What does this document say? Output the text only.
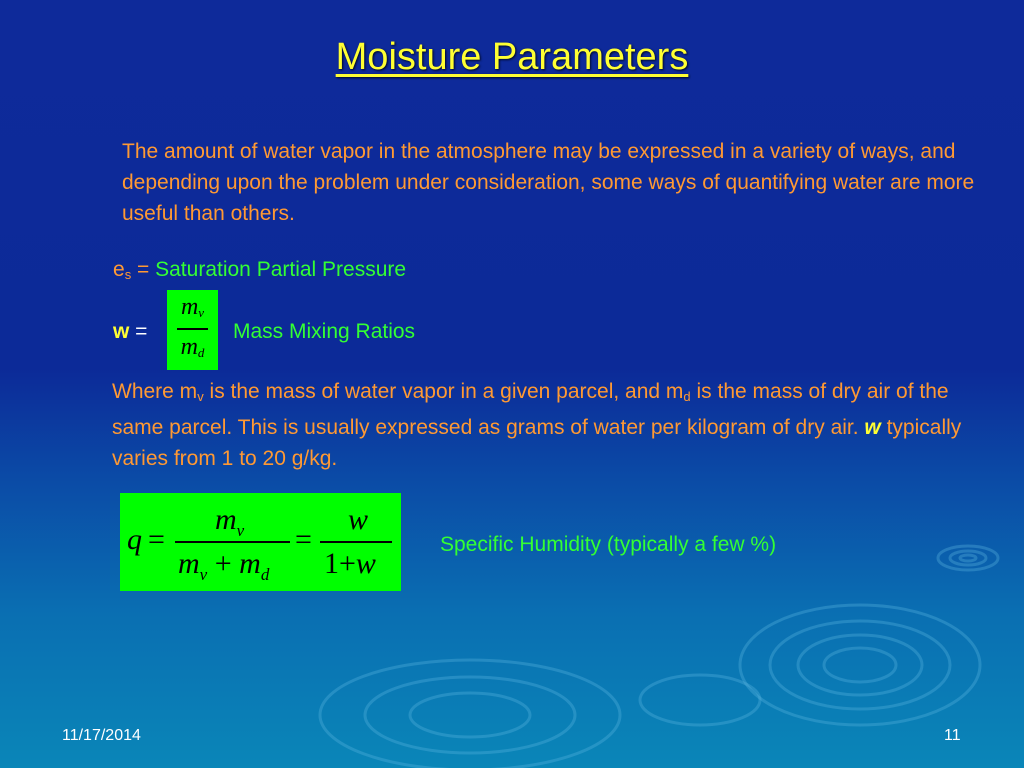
Moisture Parameters
The amount of water vapor in the atmosphere may be expressed in a variety of ways, and depending upon the problem under consideration, some ways of quantifying water are more useful than others.
$e_s$ = Saturation Partial Pressure
w =
$m_v$
$m_d$
Mass Mixing Ratios
Where $m_v$ is the mass of water vapor in a given parcel, and $m_d$ is the mass of dry air of the same parcel. This is usually expressed as grams of water per kilogram of dry air. w typically varies from 1 to 20 g/kg.
q =
$m_v$
$m_v + m_d$
=
w
1+w
Specific Humidity (typically a few %)
11/17/2014	11
